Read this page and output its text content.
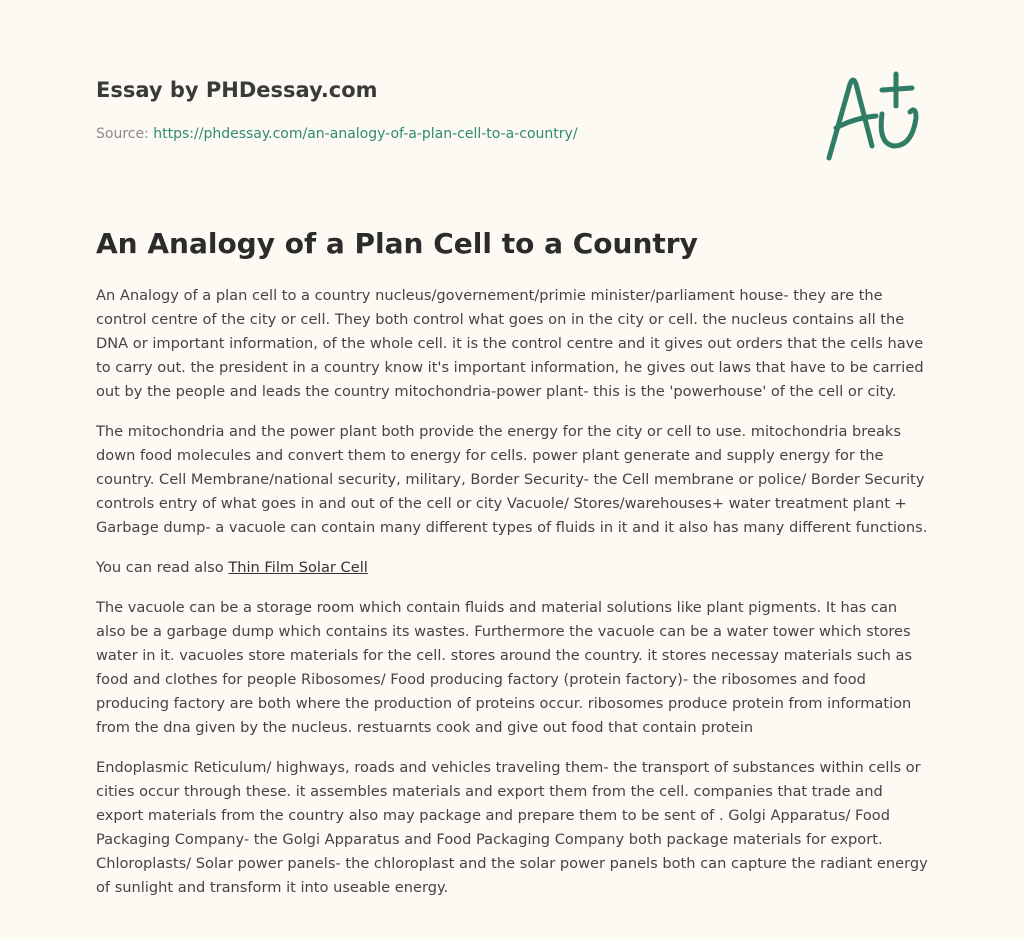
Essay by PHDessay.com
Source: https://phdessay.com/an-analogy-of-a-plan-cell-to-a-country/
An Analogy of a Plan Cell to a Country

An Analogy of a plan cell to a country nucleus/governement/primie minister/parliament house- they are the control centre of the city or cell. They both control what goes on in the city or cell. the nucleus contains all the DNA or important information, of the whole cell. it is the control centre and it gives out orders that the cells have to carry out. the president in a country know it's important information, he gives out laws that have to be carried out by the people and leads the country mitochondria-power plant- this is the 'powerhouse' of the cell or city.

The mitochondria and the power plant both provide the energy for the city or cell to use. mitochondria breaks down food molecules and convert them to energy for cells. power plant generate and supply energy for the country. Cell Membrane/national security, military, Border Security- the Cell membrane or police/ Border Security controls entry of what goes in and out of the cell or city Vacuole/ Stores/warehouses+ water treatment plant + Garbage dump- a vacuole can contain many different types of fluids in it and it also has many different functions.

You can read also Thin Film Solar Cell

The vacuole can be a storage room which contain fluids and material solutions like plant pigments. It has can also be a garbage dump which contains its wastes. Furthermore the vacuole can be a water tower which stores water in it. vacuoles store materials for the cell. stores around the country. it stores necessay materials such as food and clothes for people Ribosomes/ Food producing factory (protein factory)- the ribosomes and food producing factory are both where the production of proteins occur. ribosomes produce protein from information from the dna given by the nucleus. restuarnts cook and give out food that contain protein

Endoplasmic Reticulum/ highways, roads and vehicles traveling them- the transport of substances within cells or cities occur through these. it assembles materials and export them from the cell. companies that trade and export materials from the country also may package and prepare them to be sent of . Golgi Apparatus/ Food Packaging Company- the Golgi Apparatus and Food Packaging Company both package materials for export. Chloroplasts/ Solar power panels- the chloroplast and the solar power panels both can capture the radiant energy of sunlight and transform it into useable energy.
